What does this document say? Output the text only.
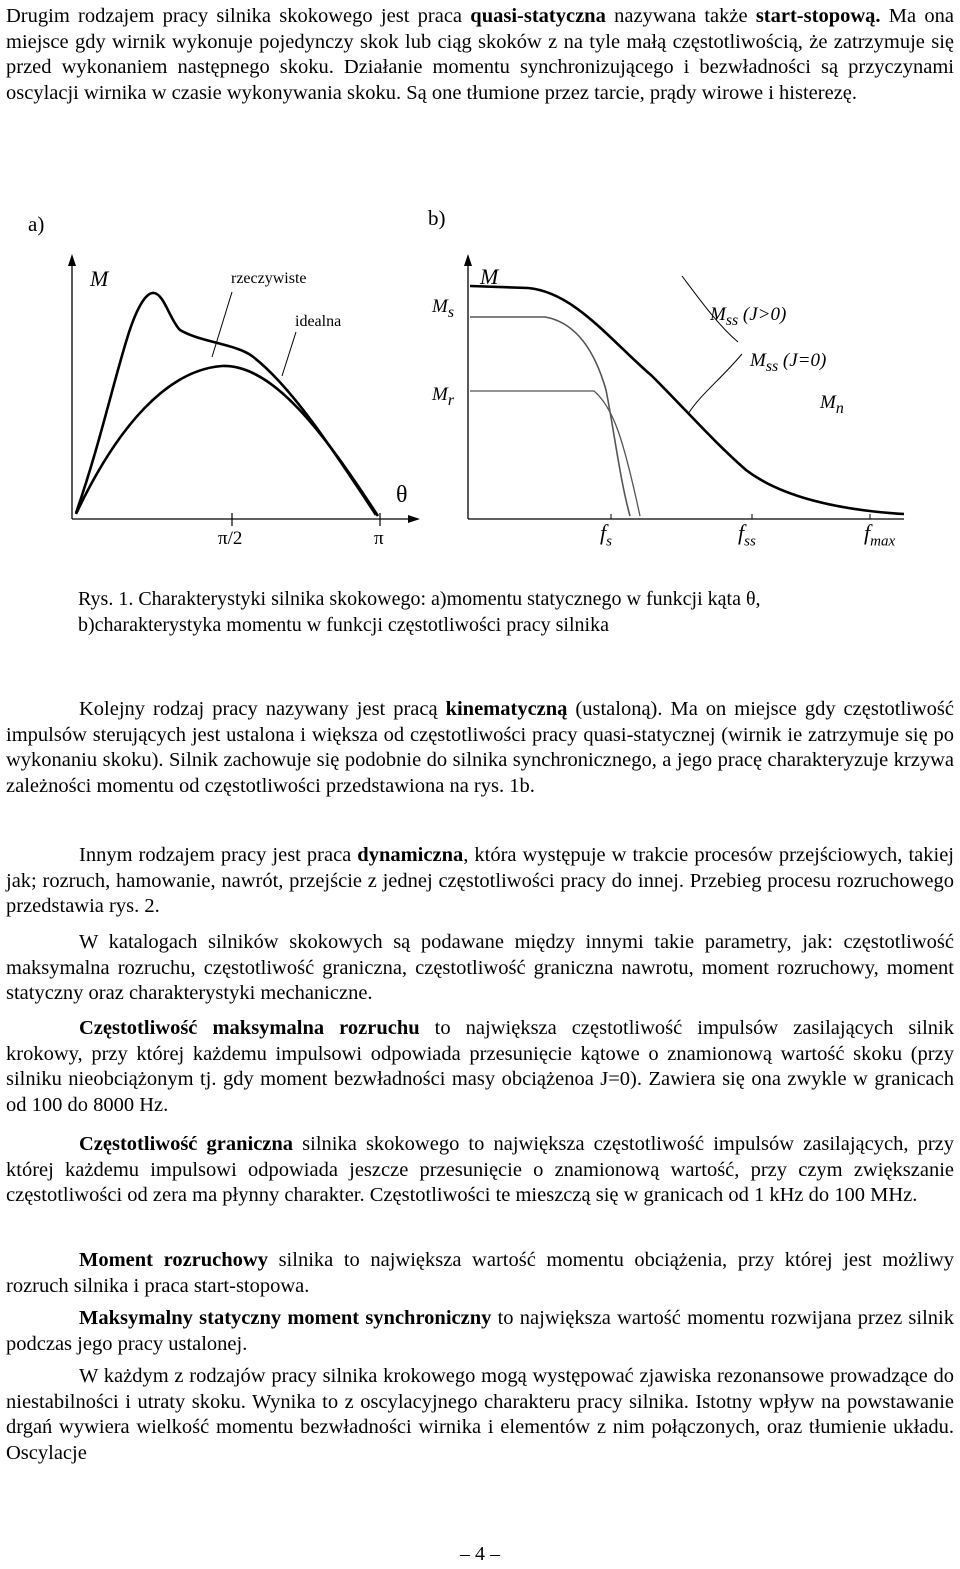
Drugim rodzajem pracy silnika skokowego jest praca quasi-statyczna nazywana także start-stopową. Ma ona miejsce gdy wirnik wykonuje pojedynczy skok lub ciąg skoków z na tyle małą częstotliwością, że zatrzymuje się przed wykonaniem następnego skoku. Działanie momentu synchronizującego i bezwładności są przyczynami oscylacji wirnika w czasie wykonywania skoku. Są one tłumione przez tarcie, prądy wirowe i histerezę.

a)	b)
M	rzeczywiste
idealna
θ
π/2	π
M
$M_s$
$M_r$
$M_{ss}$ (J>0)
$M_{ss}$ (J=0)
$M_n$
$f_s$	$f_{ss}$	$f_{max}$

Rys. 1. Charakterystyki silnika skokowego: a)momentu statycznego w funkcji kąta θ,
b)charakterystyka momentu w funkcji częstotliwości pracy silnika

Kolejny rodzaj pracy nazywany jest pracą kinematyczną (ustaloną). Ma on miejsce gdy częstotliwość impulsów sterujących jest ustalona i większa od częstotliwości pracy quasi-statycznej (wirnik ie zatrzymuje się po wykonaniu skoku). Silnik zachowuje się podobnie do silnika synchronicznego, a jego pracę charakteryzuje krzywa zależności momentu od częstotliwości przedstawiona na rys. 1b.

Innym rodzajem pracy jest praca dynamiczna, która występuje w trakcie procesów przejściowych, takiej jak; rozruch, hamowanie, nawrót, przejście z jednej częstotliwości pracy do innej. Przebieg procesu rozruchowego przedstawia rys. 2.

W katalogach silników skokowych są podawane między innymi takie parametry, jak: częstotliwość maksymalna rozruchu, częstotliwość graniczna, częstotliwość graniczna nawrotu, moment rozruchowy, moment statyczny oraz charakterystyki mechaniczne.

Częstotliwość maksymalna rozruchu to największa częstotliwość impulsów zasilających silnik krokowy, przy której każdemu impulsowi odpowiada przesunięcie kątowe o znamionową wartość skoku (przy silniku nieobciążonym tj. gdy moment bezwładności masy obciążenoa J=0). Zawiera się ona zwykle w granicach od 100 do 8000 Hz.

Częstotliwość graniczna silnika skokowego to największa częstotliwość impulsów zasilających, przy której każdemu impulsowi odpowiada jeszcze przesunięcie o znamionową wartość, przy czym zwiększanie częstotliwości od zera ma płynny charakter. Częstotliwości te mieszczą się w granicach od 1 kHz do 100 MHz.

Moment rozruchowy silnika to największa wartość momentu obciążenia, przy której jest możliwy rozruch silnika i praca start-stopowa.

Maksymalny statyczny moment synchroniczny to największa wartość momentu rozwijana przez silnik podczas jego pracy ustalonej.

W każdym z rodzajów pracy silnika krokowego mogą występować zjawiska rezonansowe prowadzące do niestabilności i utraty skoku. Wynika to z oscylacyjnego charakteru pracy silnika. Istotny wpływ na powstawanie drgań wywiera wielkość momentu bezwładności wirnika i elementów z nim połączonych, oraz tłumienie układu. Oscylacje

– 4 –
